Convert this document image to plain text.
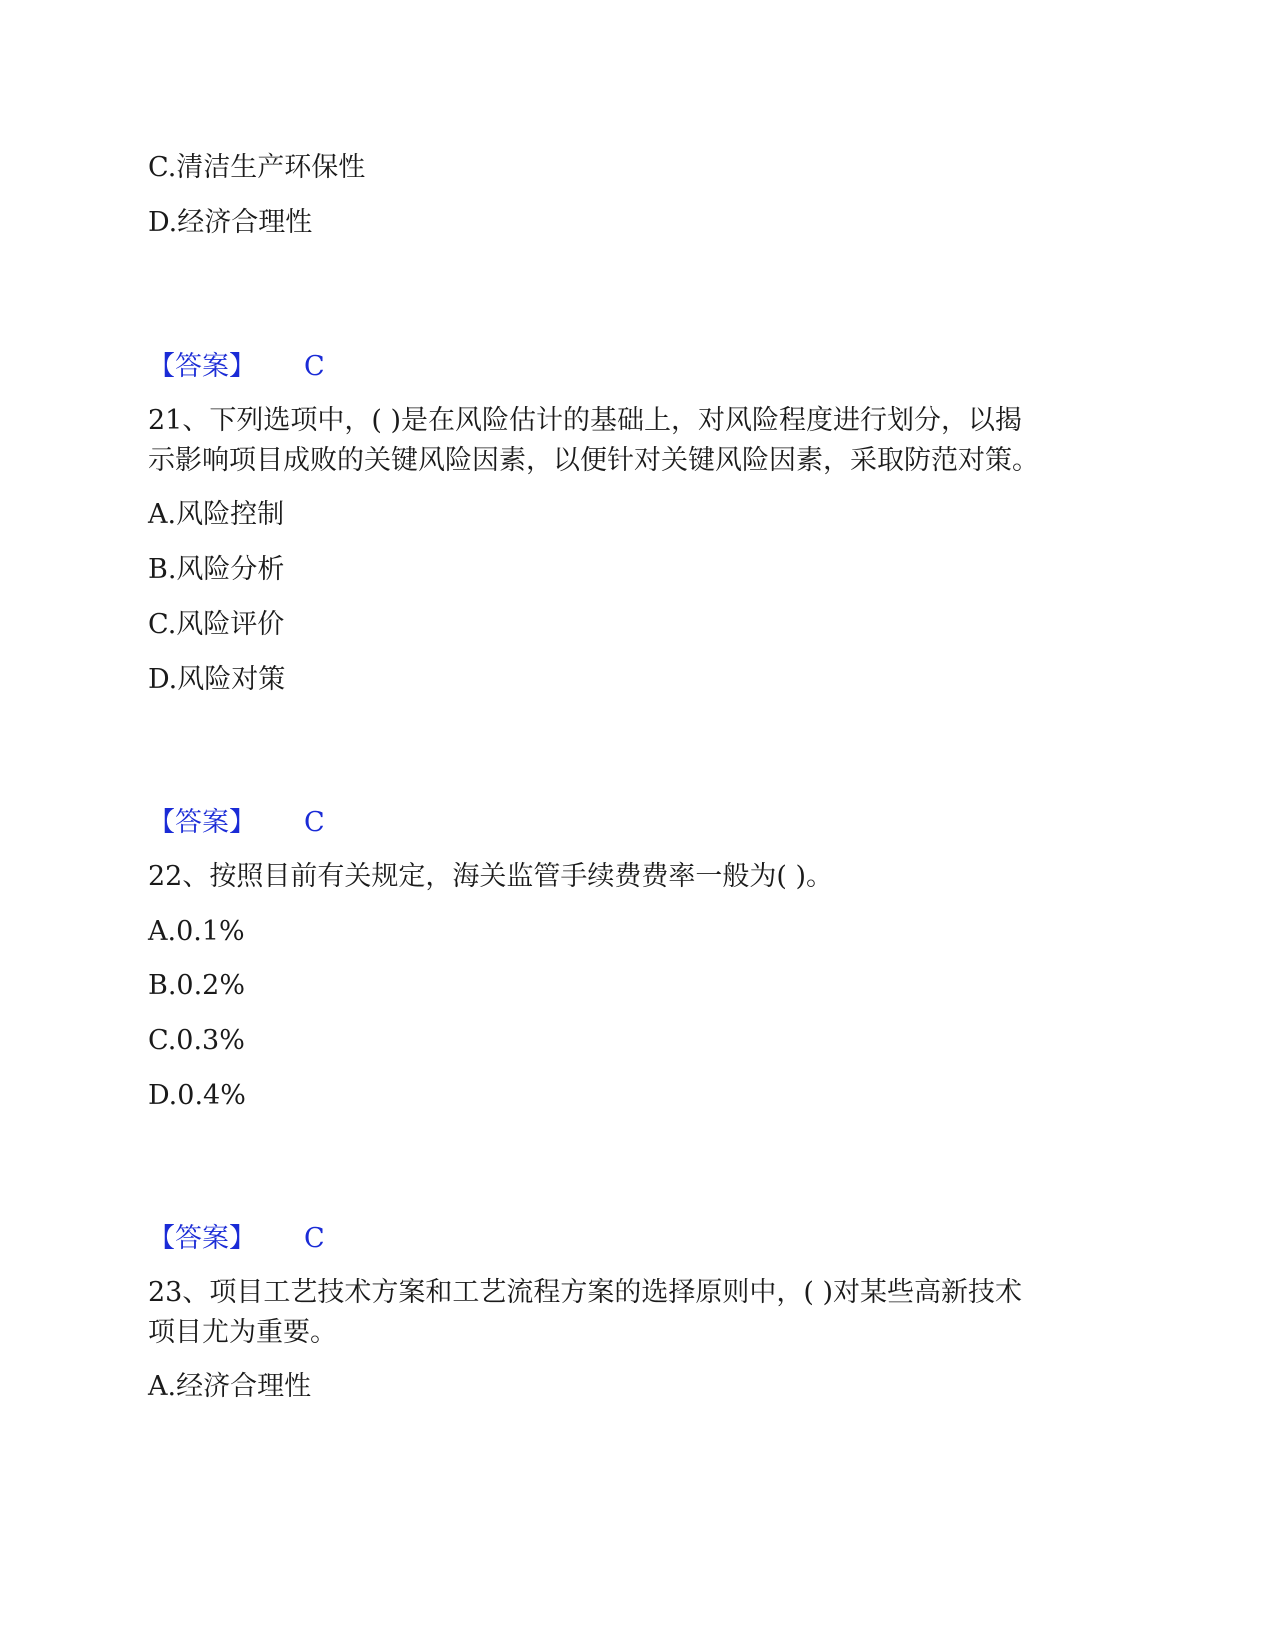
C.清洁生产环保性
D.经济合理性
【答案】 C
21、下列选项中，( )是在风险估计的基础上，对风险程度进行划分，以揭
示影响项目成败的关键风险因素，以便针对关键风险因素，采取防范对策。
A.风险控制
B.风险分析
C.风险评价
D.风险对策
【答案】 C
22、按照目前有关规定，海关监管手续费费率一般为( )。
A.0.1%
B.0.2%
C.0.3%
D.0.4%
【答案】 C
23、项目工艺技术方案和工艺流程方案的选择原则中，( )对某些高新技术
项目尤为重要。
A.经济合理性
